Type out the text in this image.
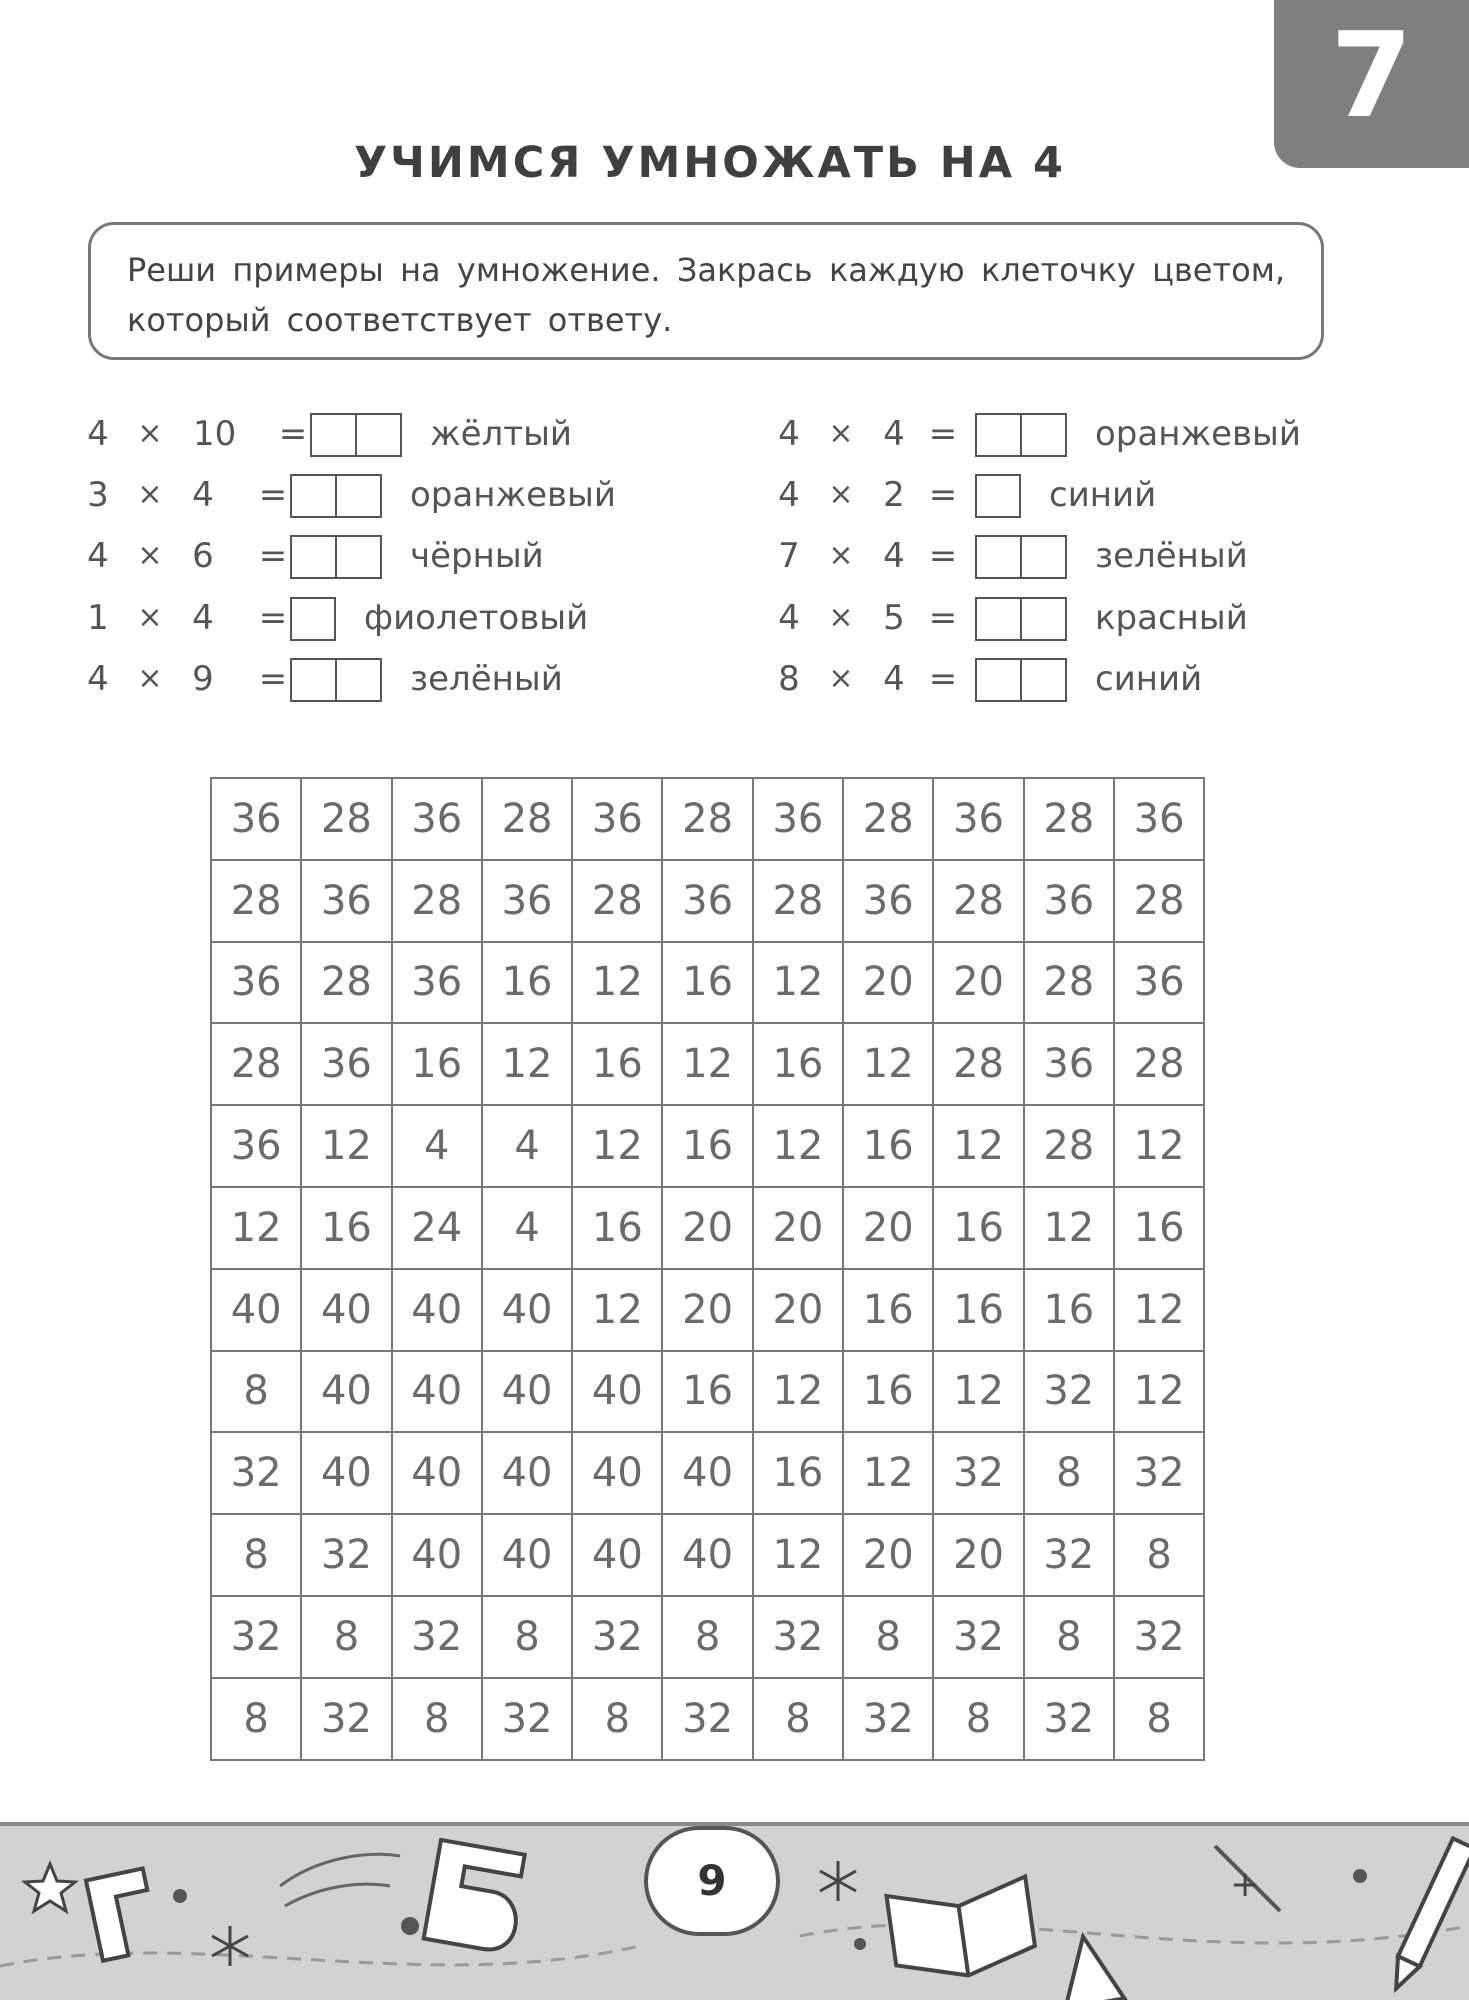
7
УЧИМСЯ УМНОЖАТЬ НА 4
Реши примеры на умножение. Закрась каждую клеточку цветом, который соответствует ответу.
4 × 10 =	жёлтый
3 × 4 =	оранжевый
4 × 6 =	чёрный
1 × 4 = фиолетовый
4 × 9 =	зелёный
4 × 4 =	оранжевый
4 × 2 =	синий
7 × 4 =	зелёный
4 × 5 =	красный
8 × 4 =	синий
36	28	36	28	36	28	36	28	36	28	36
28	36	28	36	28	36	28	36	28	36	28
36	28	36	16	12	16	12	20	20	28	36
28	36	16	12	16	12	16	12	28	36	28
36	12	4	4	12	16	12	16	12	28	12
12	16	24	4	16	20	20	20	16	12	16
40	40	40	40	12	20	20	16	16	16	12
8	40	40	40	40	16	12	16	12	32	12
32	40	40	40	40	40	16	12	32	8	32
8	32	40	40	40	40	12	20	20	32	8
32	8	32	8	32	8	32	8	32	8	32
8	32	8	32	8	32	8	32	8	32	8
+
9
